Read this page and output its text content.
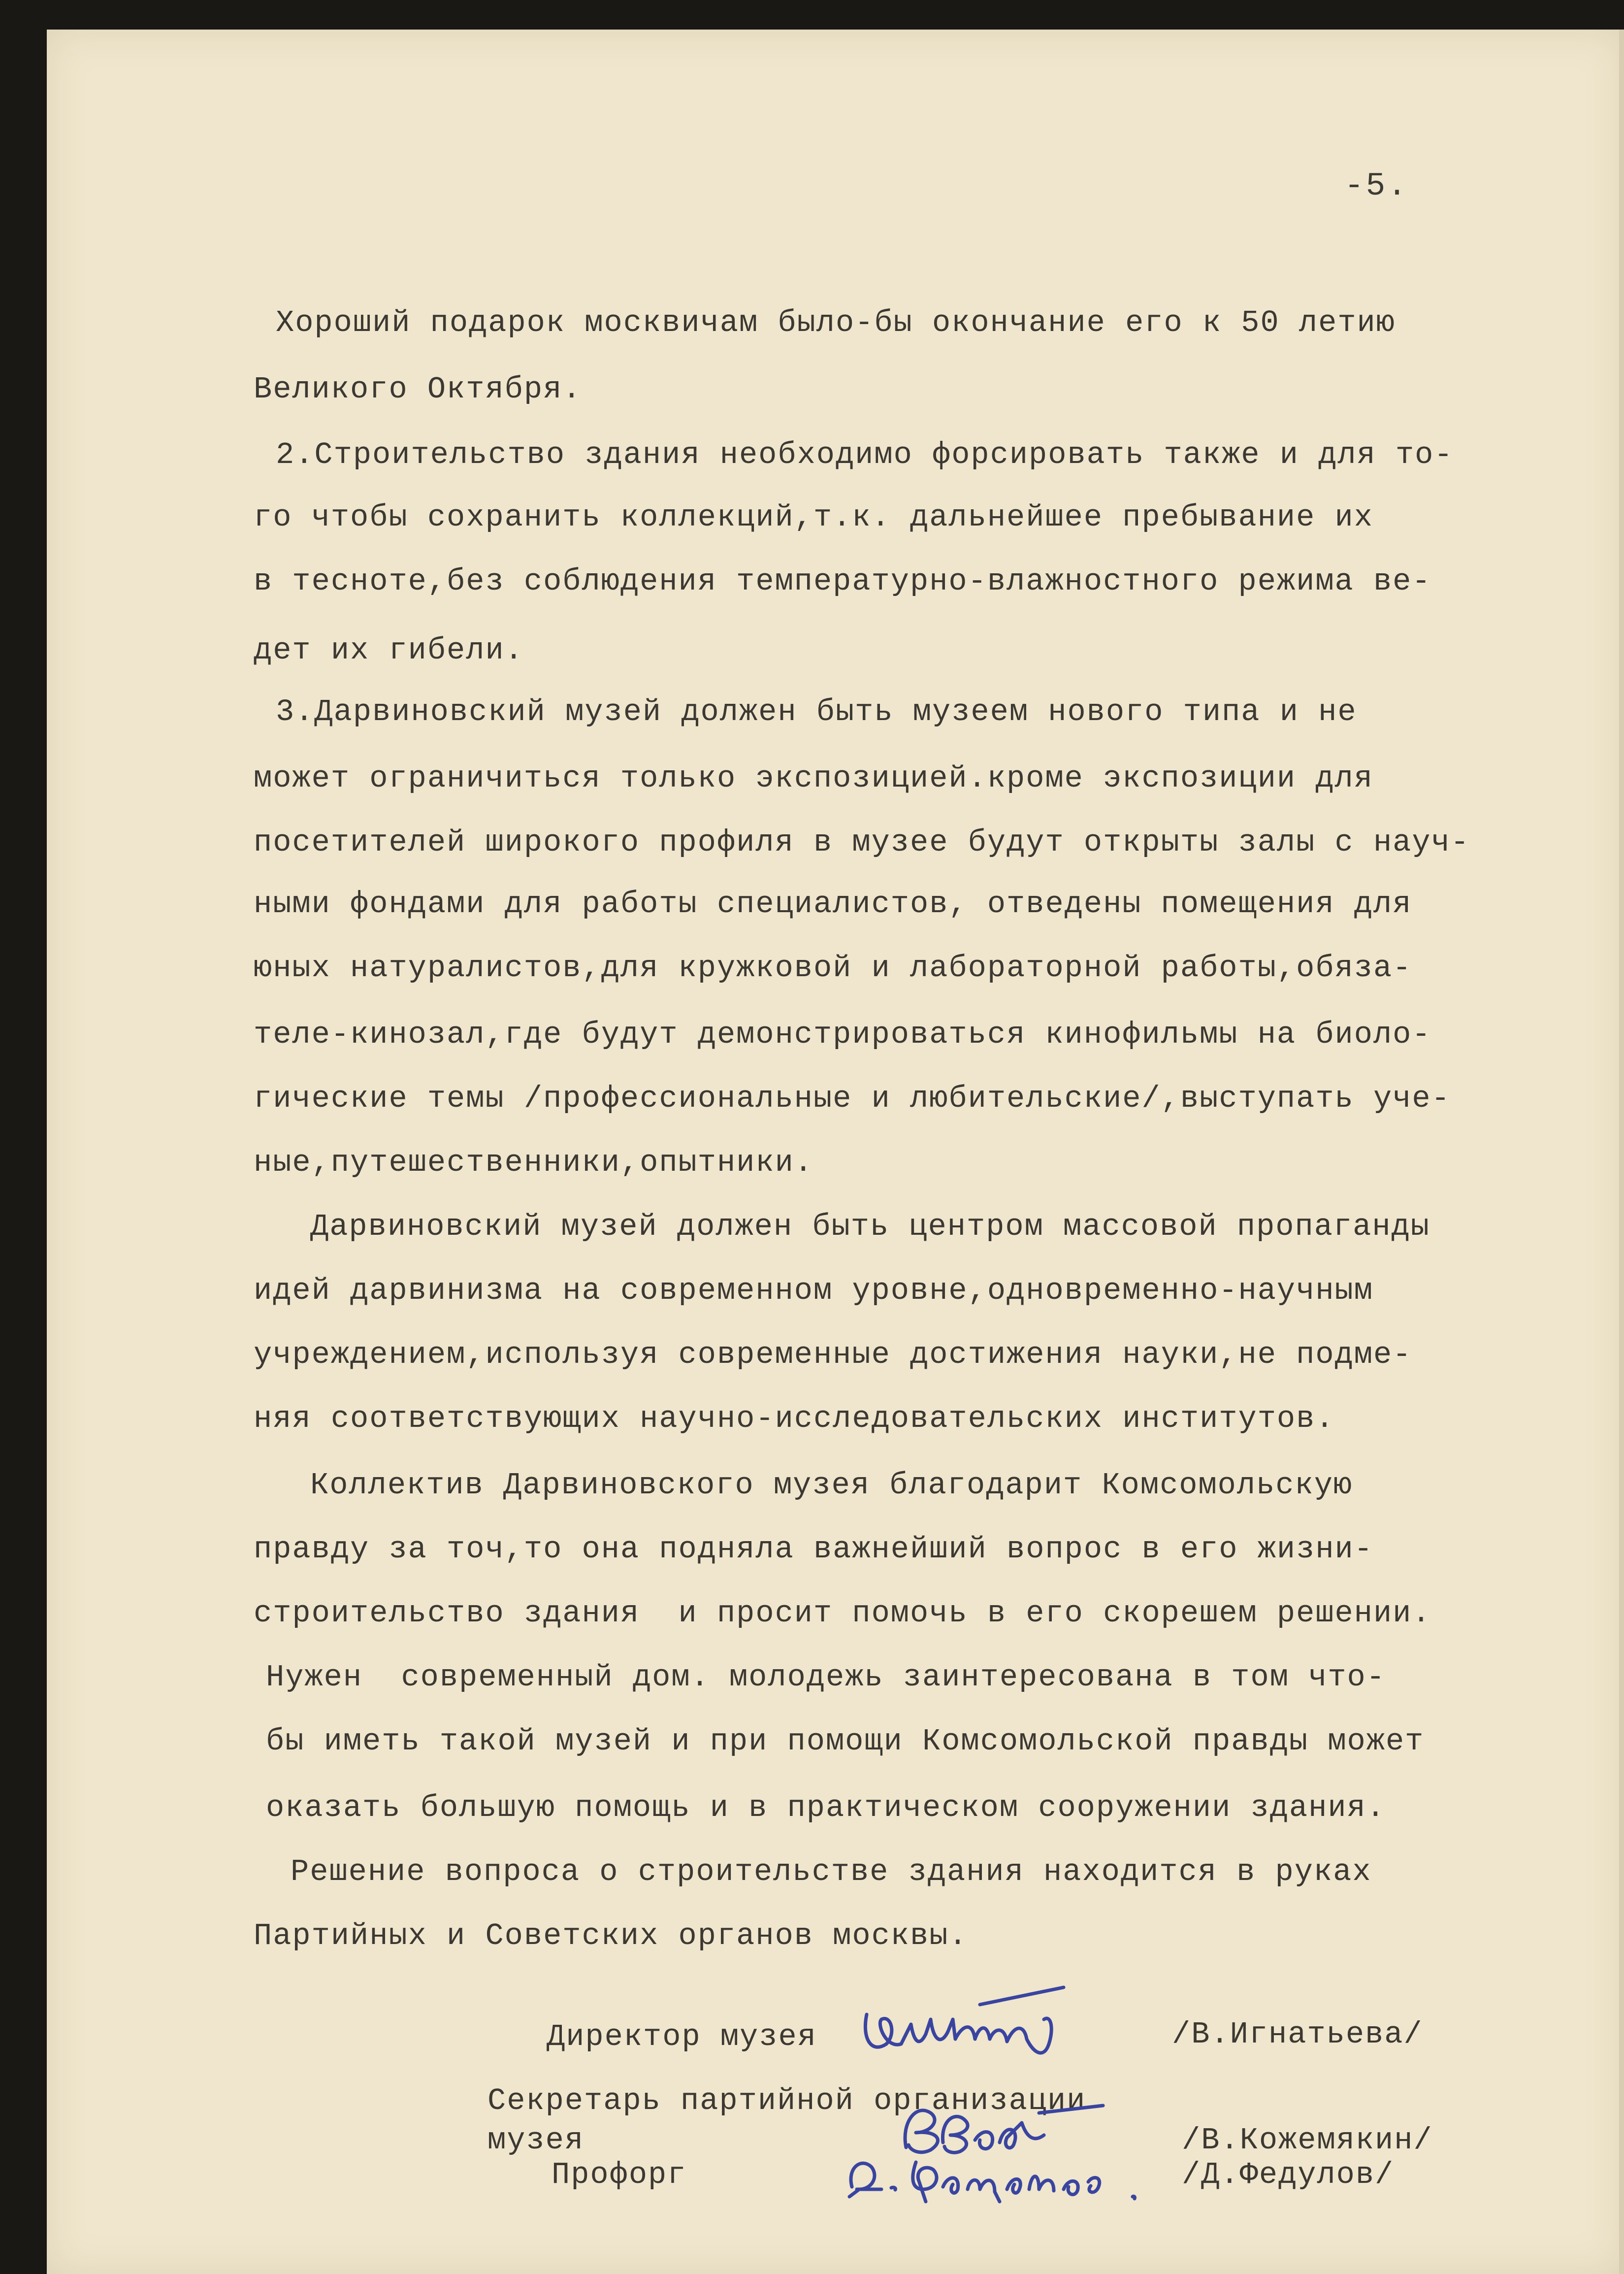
-5.
Хороший подарок москвичам было-бы окончание его к 50 летию
Великого Октября.
2.Строительство здания необходимо форсировать также и для то-
го чтобы сохранить коллекций,т.к. дальнейшее пребывание их
в тесноте,без соблюдения температурно-влажностного режима ве-
дет их гибели.
3.Дарвиновский музей должен быть музеем нового типа и не
может ограничиться только экспозицией.кроме экспозиции для
посетителей широкого профиля в музее будут открыты залы с науч-
ными фондами для работы специалистов, отведены помещения для
юных натуралистов,для кружковой и лабораторной работы,обяза-
теле-кинозал,где будут демонстрироваться кинофильмы на биоло-
гические темы /профессиональные и любительские/,выступать уче-
ные,путешественники,опытники.
Дарвиновский музей должен быть центром массовой пропаганды
идей дарвинизма на современном уровне,одновременно-научным
учреждением,используя современные достижения науки,не подме-
няя соответствующих научно-исследовательских институтов.
Коллектив Дарвиновского музея благодарит Комсомольскую
правду за точ,то она подняла важнейший вопрос в его жизни-
строительство здания  и просит помочь в его скорешем решении.
Нужен  современный дом. молодежь заинтересована в том что-
бы иметь такой музей и при помощи Комсомольской правды может
оказать большую помощь и в практическом сооружении здания.
Решение вопроса о строительстве здания находится в руках
Партийных и Советских органов москвы.
Директор музея	/В.Игнатьева/
Секретарь партийной организации
музея	/В.Кожемякин/
Профорг	/Д.Федулов/
